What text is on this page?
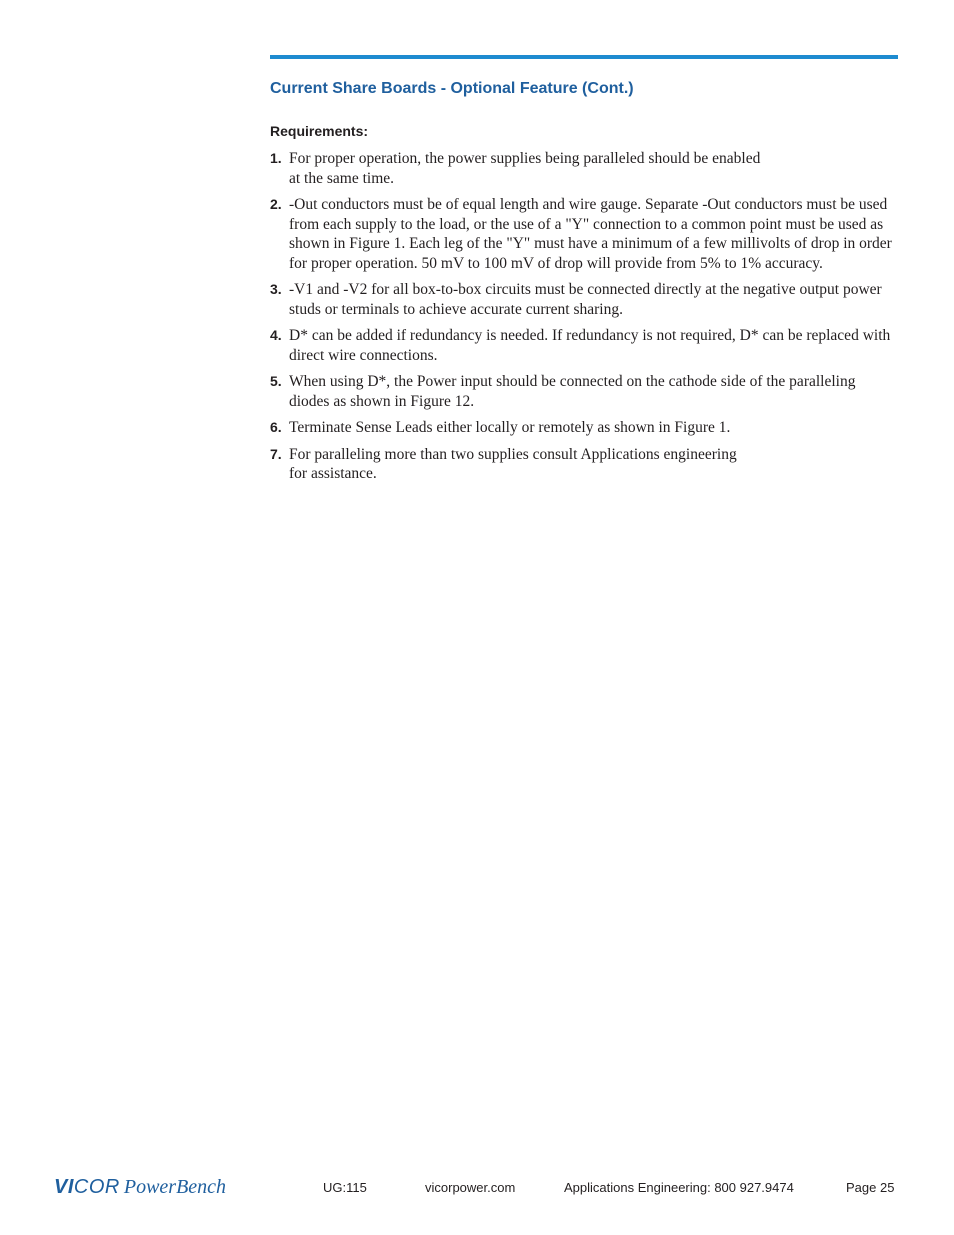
Current Share Boards - Optional Feature (Cont.)
Requirements:
1. For proper operation, the power supplies being paralleled should be enabled
at the same time.
2. -Out conductors must be of equal length and wire gauge. Separate -Out conductors must be used from each supply to the load, or the use of a "Y" connection to a common point must be used as shown in Figure 1. Each leg of the "Y" must have a minimum of a few millivolts of drop in order for proper operation. 50 mV to 100 mV of drop will provide from 5% to 1% accuracy.
3. -V1 and -V2 for all box-to-box circuits must be connected directly at the negative output power studs or terminals to achieve accurate current sharing.
4. D* can be added if redundancy is needed. If redundancy is not required, D* can be replaced with direct wire connections.
5. When using D*, the Power input should be connected on the cathode side of the paralleling diodes as shown in Figure 12.
6. Terminate Sense Leads either locally or remotely as shown in Figure 1.
7. For paralleling more than two supplies consult Applications engineering
for assistance.
VICOR PowerBench	UG:115	vicorpower.com	Applications Engineering: 800 927.9474	Page 25
